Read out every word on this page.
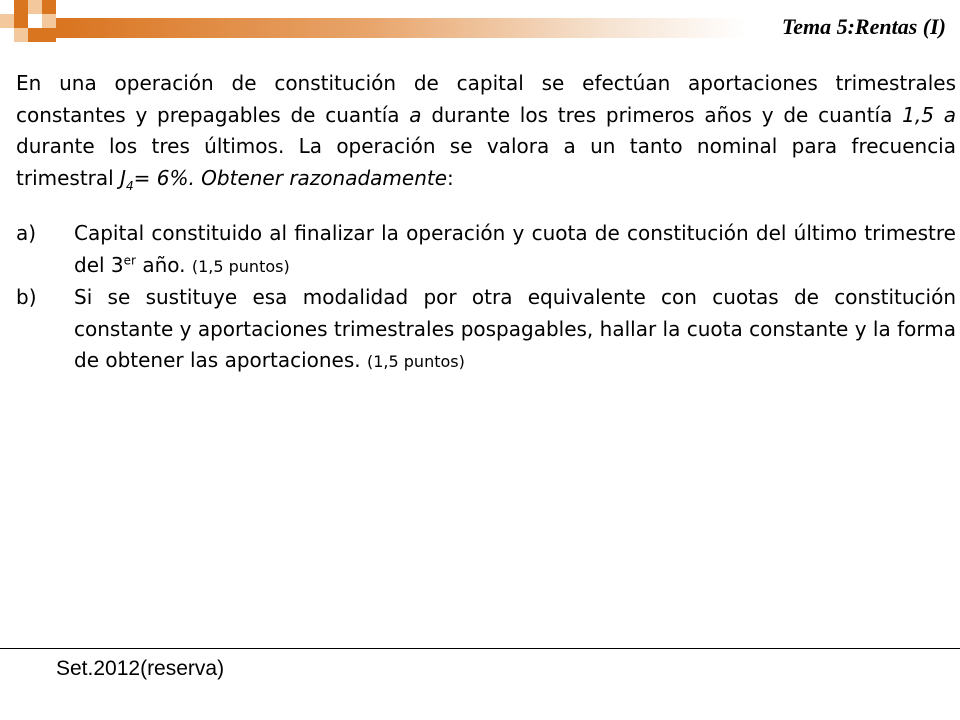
Tema 5:Rentas (I)

En una operación de constitución de capital se efectúan aportaciones trimestrales constantes y prepagables de cuantía a durante los tres primeros años y de cuantía 1,5 a durante los tres últimos. La operación se valora a un tanto nominal para frecuencia trimestral $J_4= 6\%$. Obtener razonadamente:

a)	Capital constituido al finalizar la operación y cuota de constitución del último trimestre del 3er año. (1,5 puntos)
b)	Si se sustituye esa modalidad por otra equivalente con cuotas de constitución constante y aportaciones trimestrales pospagables, hallar la cuota constante y la forma de obtener las aportaciones. (1,5 puntos)
Set.2012(reserva)
